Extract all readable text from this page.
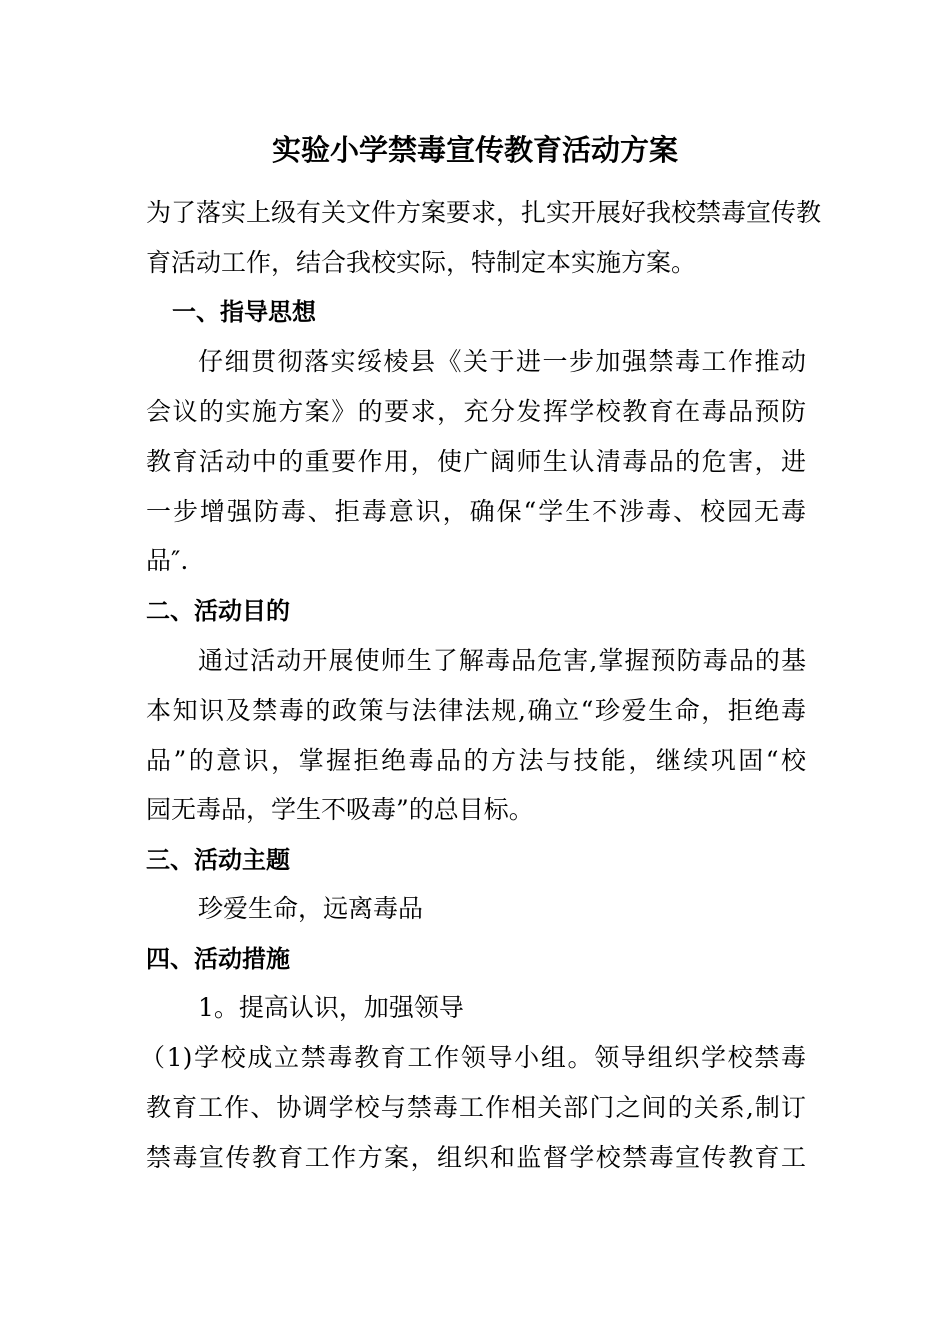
实验小学禁毒宣传教育活动方案
为了落实上级有关文件方案要求，扎实开展好我校禁毒宣传教
育活动工作，结合我校实际，特制定本实施方案。
一、指导思想
仔细贯彻落实绥棱县《关于进一步加强禁毒工作推动
会议的实施方案》的要求，充分发挥学校教育在毒品预防
教育活动中的重要作用，使广阔师生认清毒品的危害，进
一步增强防毒、拒毒意识，确保“学生不涉毒、校园无毒
品″.
二、活动目的
通过活动开展使师生了解毒品危害,掌握预防毒品的基
本知识及禁毒的政策与法律法规,确立“珍爱生命，拒绝毒
品”的意识，掌握拒绝毒品的方法与技能，继续巩固“校
园无毒品，学生不吸毒”的总目标。
三、活动主题
珍爱生命，远离毒品
四、活动措施
1。提高认识，加强领导
（1)学校成立禁毒教育工作领导小组。领导组织学校禁毒
教育工作、协调学校与禁毒工作相关部门之间的关系,制订
禁毒宣传教育工作方案，组织和监督学校禁毒宣传教育工
